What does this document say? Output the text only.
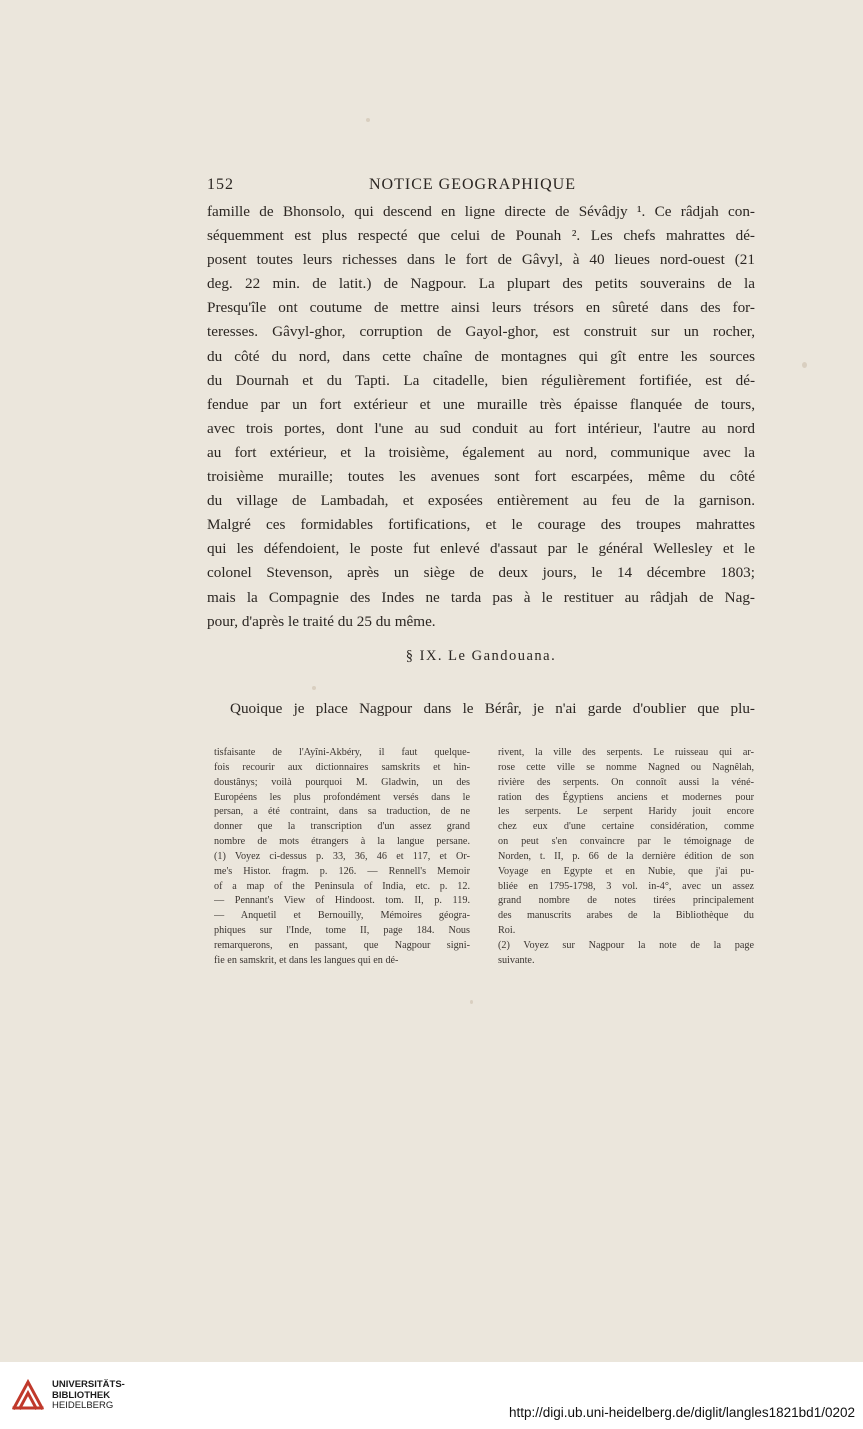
152	NOTICE GEOGRAPHIQUE
famille de Bhonsolo, qui descend en ligne directe de Sévâdjy ¹. Ce râdjah con-
séquemment est plus respecté que celui de Pounah ². Les chefs mahrattes dé-
posent toutes leurs richesses dans le fort de Gâvyl, à 40 lieues nord-ouest (21
deg. 22 min. de latit.) de Nagpour. La plupart des petits souverains de la
Presqu'île ont coutume de mettre ainsi leurs trésors en sûreté dans des for-
teresses. Gâvyl-ghor, corruption de Gayol-ghor, est construit sur un rocher,
du côté du nord, dans cette chaîne de montagnes qui gît entre les sources
du Dournah et du Tapti. La citadelle, bien régulièrement fortifiée, est dé-
fendue par un fort extérieur et une muraille très épaisse flanquée de tours,
avec trois portes, dont l'une au sud conduit au fort intérieur, l'autre au nord
au fort extérieur, et la troisième, également au nord, communique avec la
troisième muraille; toutes les avenues sont fort escarpées, même du côté
du village de Lambadah, et exposées entièrement au feu de la garnison.
Malgré ces formidables fortifications, et le courage des troupes mahrattes
qui les défendoient, le poste fut enlevé d'assaut par le général Wellesley et le
colonel Stevenson, après un siège de deux jours, le 14 décembre 1803;
mais la Compagnie des Indes ne tarda pas à le restituer au râdjah de Nag-
pour, d'après le traité du 25 du même.
§ IX. Le Gandouana.
Quoique je place Nagpour dans le Bérâr, je n'ai garde d'oublier que plu-
tisfaisante de l'Ayîni-Akbéry, il faut quelque-
fois recourir aux dictionnaires samskrits et hin-
doustânys; voilà pourquoi M. Gladwin, un des
Européens les plus profondément versés dans le
persan, a été contraint, dans sa traduction, de ne
donner que la transcription d'un assez grand
nombre de mots étrangers à la langue persane.
(1) Voyez ci-dessus p. 33, 36, 46 et 117, et Or-
me's Histor. fragm. p. 126. — Rennell's Memoir
of a map of the Peninsula of India, etc. p. 12.
— Pennant's View of Hindoost. tom. II, p. 119.
— Anquetil et Bernouilly, Mémoires géogra-
phiques sur l'Inde, tome II, page 184. Nous
remarquerons, en passant, que Nagpour signi-
fie en samskrit, et dans les langues qui en dé-
rivent, la ville des serpents. Le ruisseau qui ar-
rose cette ville se nomme Nagned ou Nagnêlah,
rivière des serpents. On connoît aussi la véné-
ration des Égyptiens anciens et modernes pour
les serpents. Le serpent Haridy jouit encore
chez eux d'une certaine considération, comme
on peut s'en convaincre par le témoignage de
Norden, t. II, p. 66 de la dernière édition de son
Voyage en Egypte et en Nubie, que j'ai pu-
bliée en 1795-1798, 3 vol. in-4°, avec un assez
grand nombre de notes tirées principalement
des manuscrits arabes de la Bibliothèque du
Roi.
(2) Voyez sur Nagpour la note de la page
suivante.
UNIVERSITÄTS-
BIBLIOTHEK
HEIDELBERG	http://digi.ub.uni-heidelberg.de/diglit/langles1821bd1/0202
